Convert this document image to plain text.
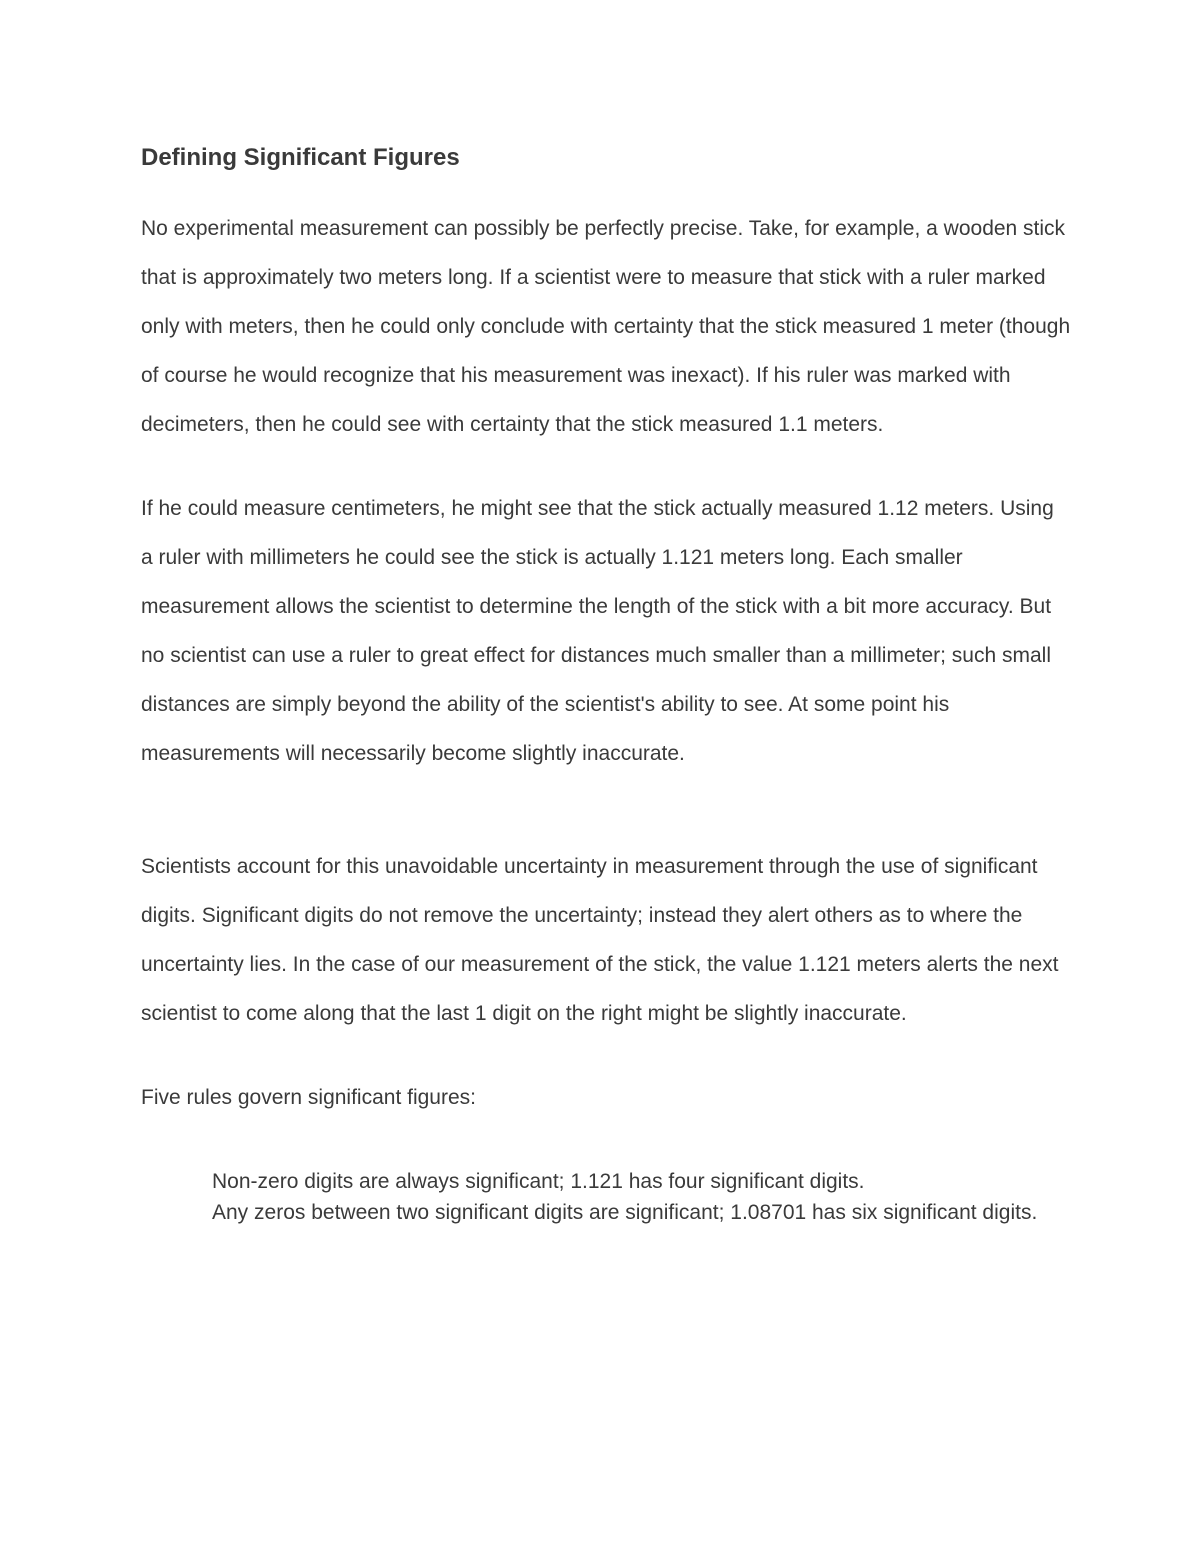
Defining Significant Figures

No experimental measurement can possibly be perfectly precise. Take, for example, a wooden stick that is approximately two meters long. If a scientist were to measure that stick with a ruler marked only with meters, then he could only conclude with certainty that the stick measured 1 meter (though of course he would recognize that his measurement was inexact). If his ruler was marked with decimeters, then he could see with certainty that the stick measured 1.1 meters.

If he could measure centimeters, he might see that the stick actually measured 1.12 meters. Using a ruler with millimeters he could see the stick is actually 1.121 meters long. Each smaller measurement allows the scientist to determine the length of the stick with a bit more accuracy. But no scientist can use a ruler to great effect for distances much smaller than a millimeter; such small distances are simply beyond the ability of the scientist's ability to see. At some point his measurements will necessarily become slightly inaccurate.

Scientists account for this unavoidable uncertainty in measurement through the use of significant digits. Significant digits do not remove the uncertainty; instead they alert others as to where the uncertainty lies. In the case of our measurement of the stick, the value 1.121 meters alerts the next scientist to come along that the last 1 digit on the right might be slightly inaccurate.

Five rules govern significant figures:

Non-zero digits are always significant; 1.121 has four significant digits.
Any zeros between two significant digits are significant; 1.08701 has six significant digits.
